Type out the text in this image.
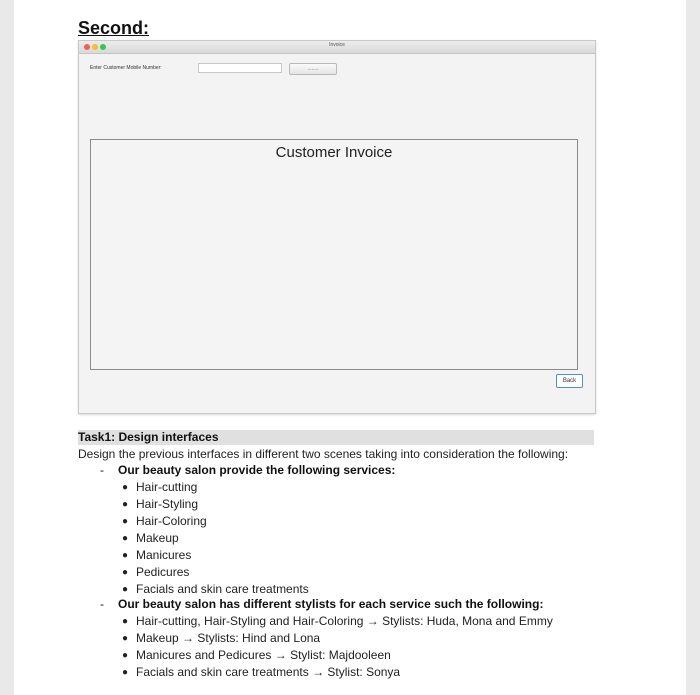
Second:
Invoice
Enter Customer Mobile Number:	........
Customer Invoice
Back
Task1: Design interfaces
Design the previous interfaces in different two scenes taking into consideration the following:
- Our beauty salon provide the following services:
● Hair-cutting
● Hair-Styling
● Hair-Coloring
● Makeup
● Manicures
● Pedicures
● Facials and skin care treatments
- Our beauty salon has different stylists for each service such the following:
● Hair-cutting, Hair-Styling and Hair-Coloring → Stylists: Huda, Mona and Emmy
● Makeup → Stylists: Hind and Lona
● Manicures and Pedicures → Stylist: Majdooleen
● Facials and skin care treatments → Stylist: Sonya
